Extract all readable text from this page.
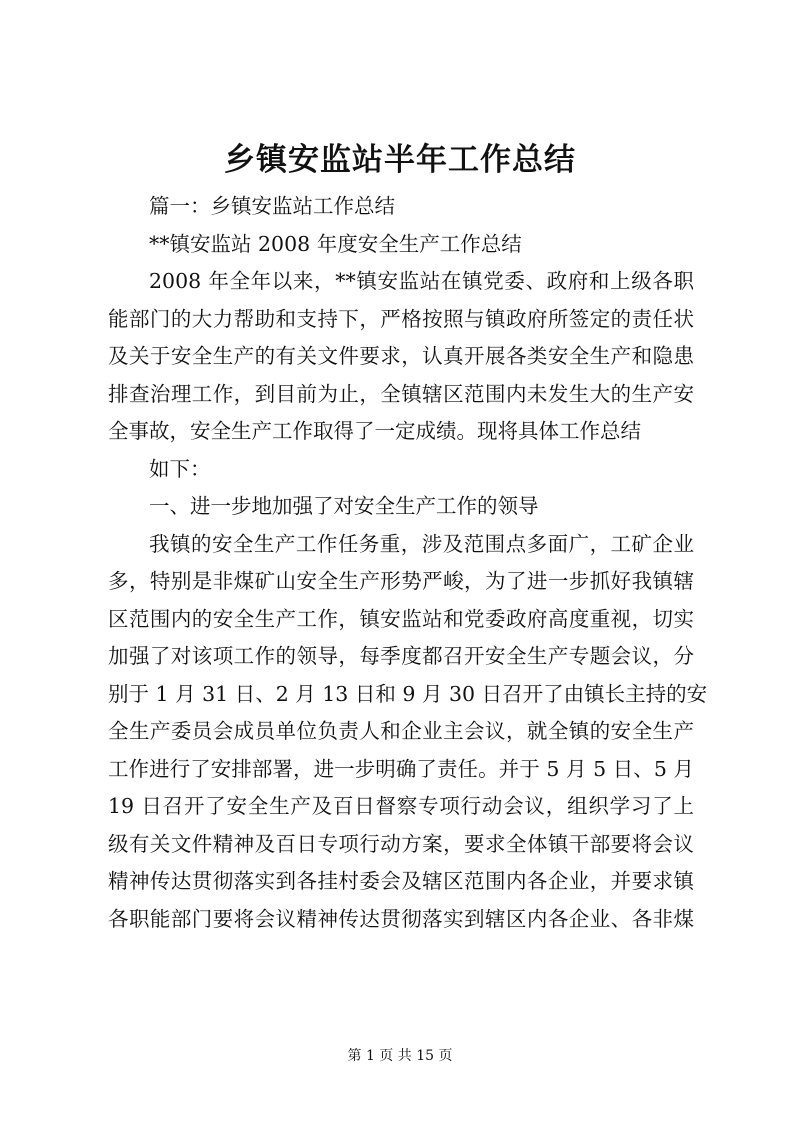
乡镇安监站半年工作总结
篇一：乡镇安监站工作总结
**镇安监站 2008 年度安全生产工作总结
2008 年全年以来，**镇安监站在镇党委、政府和上级各职
能部门的大力帮助和支持下，严格按照与镇政府所签定的责任状
及关于安全生产的有关文件要求，认真开展各类安全生产和隐患
排查治理工作，到目前为止，全镇辖区范围内未发生大的生产安
全事故，安全生产工作取得了一定成绩。现将具体工作总结
如下：
一、进一步地加强了对安全生产工作的领导
我镇的安全生产工作任务重，涉及范围点多面广，工矿企业
多，特别是非煤矿山安全生产形势严峻，为了进一步抓好我镇辖
区范围内的安全生产工作，镇安监站和党委政府高度重视，切实
加强了对该项工作的领导，每季度都召开安全生产专题会议，分
别于 1 月 31 日、2 月 13 日和 9 月 30 日召开了由镇长主持的安
全生产委员会成员单位负责人和企业主会议，就全镇的安全生产
工作进行了安排部署，进一步明确了责任。并于 5 月 5 日、5 月
19 日召开了安全生产及百日督察专项行动会议，组织学习了上
级有关文件精神及百日专项行动方案，要求全体镇干部要将会议
精神传达贯彻落实到各挂村委会及辖区范围内各企业，并要求镇
各职能部门要将会议精神传达贯彻落实到辖区内各企业、各非煤
第 1 页 共 15 页
